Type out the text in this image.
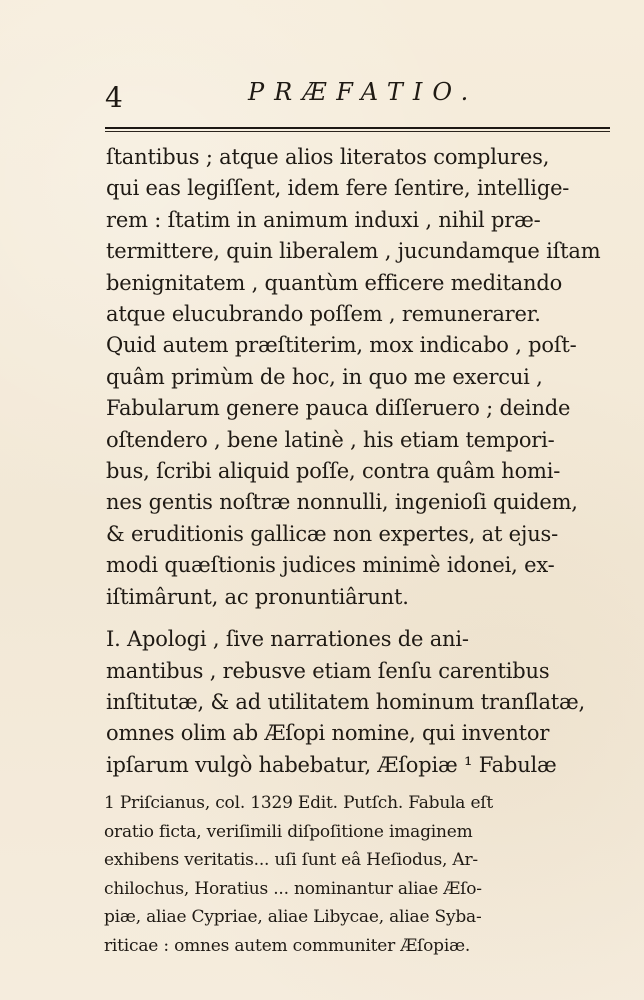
4	PRÆFATIO.
ſtantibus ; atque alios literatos complures,
qui eas legiſſent, idem fere ſentire, intellige-
rem : ſtatim in animum induxi , nihil præ-
termittere, quin liberalem , jucundamque iſtam
benignitatem , quantùm efficere meditando
atque elucubrando poſſem , remunerarer.
Quid autem præſtiterim, mox indicabo , poſt-
quâm primùm de hoc, in quo me exercui ,
Fabularum genere pauca diſſeruero ; deinde
oſtendero , bene latinè , his etiam tempori-
bus, ſcribi aliquid poſſe, contra quâm homi-
nes gentis noſtræ nonnulli, ingenioſi quidem,
& eruditionis gallicæ non expertes, at ejus-
modi quæſtionis judices minimè idonei, ex-
iſtimârunt, ac pronuntiârunt.
I. Apologi , ſive narrationes de ani-
mantibus , rebusve etiam ſenſu carentibus
inſtitutæ, & ad utilitatem hominum tranſlatæ,
omnes olim ab Æſopi nomine, qui inventor
ipſarum vulgò habebatur, Æſopiæ ¹ Fabulæ
1 Priſcianus, col. 1329 Edit. Putſch. Fabula eſt
oratio ficta, veriſimili diſpoſitione imaginem
exhibens veritatis... uſi ſunt eâ Heſiodus, Ar-
chilochus, Horatius ... nominantur aliae Æſo-
piæ, aliae Cypriae, aliae Libycae, aliae Syba-
riticae : omnes autem communiter Æſopiæ.
